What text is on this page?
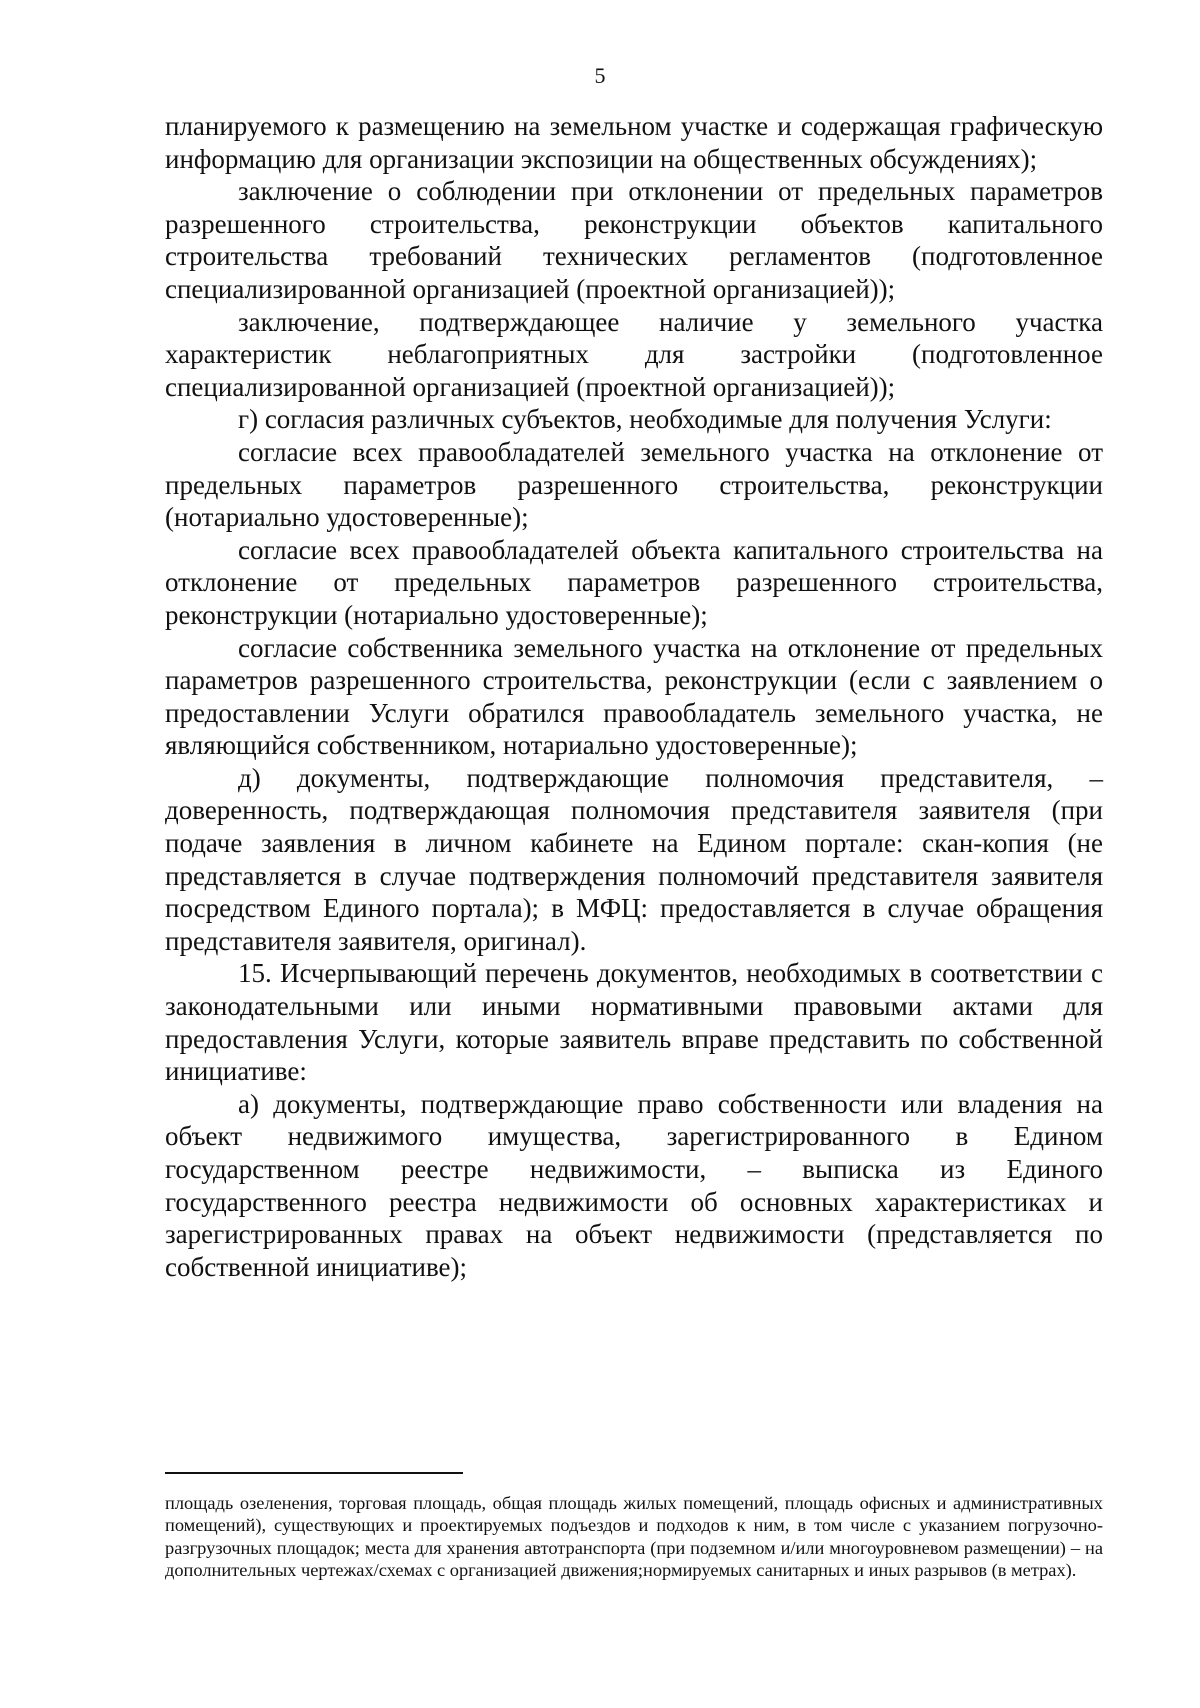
5

планируемого к размещению на земельном участке и содержащая графическую информацию для организации экспозиции на общественных обсуждениях);

заключение о соблюдении при отклонении от предельных параметров разрешенного строительства, реконструкции объектов капитального строительства требований технических регламентов (подготовленное специализированной организацией (проектной организацией));

заключение, подтверждающее наличие у земельного участка характеристик неблагоприятных для застройки (подготовленное специализированной организацией (проектной организацией));

г) согласия различных субъектов, необходимые для получения Услуги:

согласие всех правообладателей земельного участка на отклонение от предельных параметров разрешенного строительства, реконструкции (нотариально удостоверенные);

согласие всех правообладателей объекта капитального строительства на отклонение от предельных параметров разрешенного строительства, реконструкции (нотариально удостоверенные);

согласие собственника земельного участка на отклонение от предельных параметров разрешенного строительства, реконструкции (если с заявлением о предоставлении Услуги обратился правообладатель земельного участка, не являющийся собственником, нотариально удостоверенные);

д) документы, подтверждающие полномочия представителя, – доверенность, подтверждающая полномочия представителя заявителя (при подаче заявления в личном кабинете на Едином портале: скан-копия (не представляется в случае подтверждения полномочий представителя заявителя посредством Единого портала); в МФЦ: предоставляется в случае обращения представителя заявителя, оригинал).

15. Исчерпывающий перечень документов, необходимых в соответствии с законодательными или иными нормативными правовыми актами для предоставления Услуги, которые заявитель вправе представить по собственной инициативе:

а) документы, подтверждающие право собственности или владения на объект недвижимого имущества, зарегистрированного в Едином государственном реестре недвижимости, – выписка из Единого государственного реестра недвижимости об основных характеристиках и зарегистрированных правах на объект недвижимости (представляется по собственной инициативе);

площадь озеленения, торговая площадь, общая площадь жилых помещений, площадь офисных и административных помещений), существующих и проектируемых подъездов и подходов к ним, в том числе с указанием погрузочно-разгрузочных площадок; места для хранения автотранспорта (при подземном и/или многоуровневом размещении) – на дополнительных чертежах/схемах с организацией движения;нормируемых санитарных и иных разрывов (в метрах).
